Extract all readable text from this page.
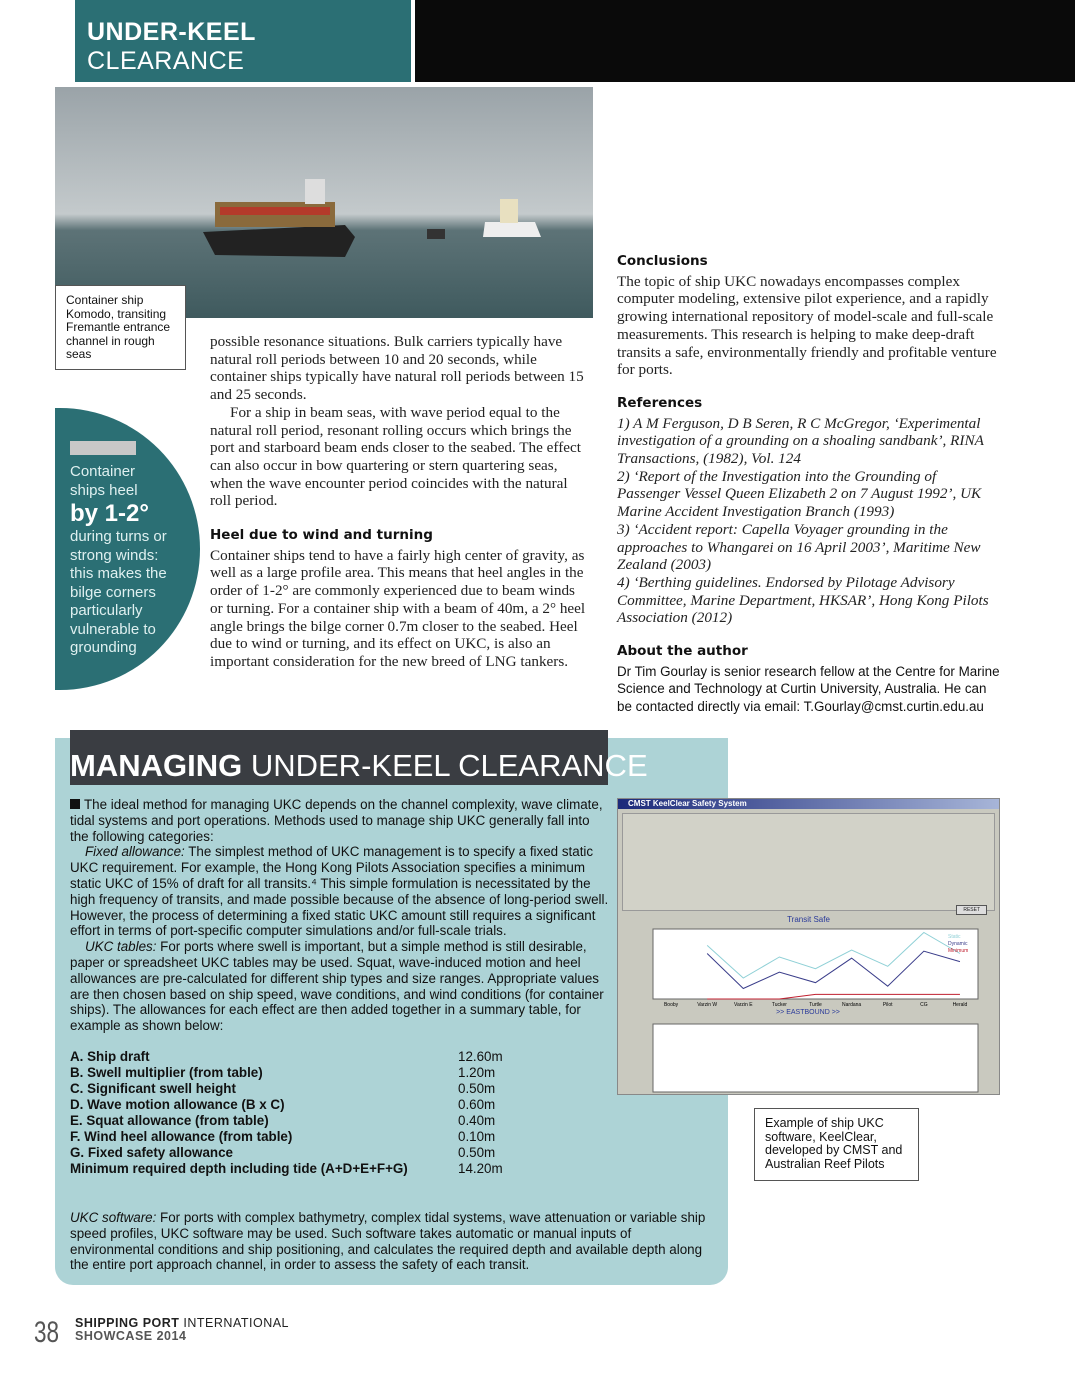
UNDER-KEEL CLEARANCE
Container ship Komodo, transiting Fremantle entrance channel in rough seas
Container ships heel
by 1-2°
during turns or strong winds: this makes the bilge corners particularly vulnerable to grounding

possible resonance situations. Bulk carriers typically have natural roll periods between 10 and 20 seconds, while container ships typically have natural roll periods between 15 and 25 seconds.

For a ship in beam seas, with wave period equal to the natural roll period, resonant rolling occurs which brings the port and starboard beam ends closer to the seabed. The effect can also occur in bow quartering or stern quartering seas, when the wave encounter period coincides with the natural roll period.

Heel due to wind and turning

Container ships tend to have a fairly high center of gravity, as well as a large profile area. This means that heel angles in the order of 1-2° are commonly experienced due to beam winds or turning. For a container ship with a beam of 40m, a 2° heel angle brings the bilge corner 0.7m closer to the seabed. Heel due to wind or turning, and its effect on UKC, is also an important consideration for the new breed of LNG tankers.

Conclusions

The topic of ship UKC nowadays encompasses complex computer modeling, extensive pilot experience, and a rapidly growing international repository of model-scale and full-scale measurements. This research is helping to make deep-draft transits a safe, environmentally friendly and profitable venture for ports.

References

1) A M Ferguson, D B Seren, R C McGregor, ‘Experimental investigation of a grounding on a shoaling sandbank’, RINA Transactions, (1982), Vol. 124

2) ‘Report of the Investigation into the Grounding of Passenger Vessel Queen Elizabeth 2 on 7 August 1992’, UK Marine Accident Investigation Branch (1993)

3) ‘Accident report: Capella Voyager grounding in the approaches to Whangarei on 16 April 2003’, Maritime New Zealand (2003)

4) ‘Berthing guidelines. Endorsed by Pilotage Advisory Committee, Marine Department, HKSAR’, Hong Kong Pilots Association (2012)

About the author

Dr Tim Gourlay is senior research fellow at the Centre for Marine Science and Technology at Curtin University, Australia. He can be contacted directly via email: T.Gourlay@cmst.curtin.edu.au

MANAGING UNDER-KEEL CLEARANCE

The ideal method for managing UKC depends on the channel complexity, wave climate, tidal systems and port operations. Methods used to manage ship UKC generally fall into the following categories:

Fixed allowance: The simplest method of UKC management is to specify a fixed static UKC requirement. For example, the Hong Kong Pilots Association specifies a minimum static UKC of 15% of draft for all transits.⁴ This simple formulation is necessitated by the high frequency of transits, and made possible because of the absence of long-period swell. However, the process of determining a fixed static UKC amount still requires a significant effort in terms of port-specific computer simulations and/or full-scale trials.

UKC tables: For ports where swell is important, but a simple method is still desirable, paper or spreadsheet UKC tables may be used. Squat, wave-induced motion and heel allowances are pre-calculated for different ship types and size ranges. Appropriate values are then chosen based on ship speed, wave conditions, and wind conditions (for container ships). The allowances for each effect are then added together in a summary table, for example as shown below:

A. Ship draft	12.60m
B. Swell multiplier (from table)	1.20m
C. Significant swell height	0.50m
D. Wave motion allowance (B x C)	0.60m
E. Squat allowance (from table)	0.40m
F. Wind heel allowance (from table)	0.10m
G. Fixed safety allowance	0.50m
Minimum required depth including tide (A+D+E+F+G)	14.20m

UKC software: For ports with complex bathymetry, complex tidal systems, wave attenuation or variable ship speed profiles, UKC software may be used. Such software takes automatic or manual inputs of environmental conditions and ship positioning, and calculates the required depth and available depth along the entire port approach channel, in order to assess the safety of each transit.

CMST KeelClear Safety System
Transit Safe
RESET
>> EASTBOUND >>
Booby	Varzin W	Varzin E	Tucker	Turtle	Nardana	Pilot	CG	Herald
Static
Dynamic
Minimum
Example of ship UKC software, KeelClear, developed by CMST and Australian Reef Pilots
38 SHIPPING PORT INTERNATIONAL
SHOWCASE 2014
